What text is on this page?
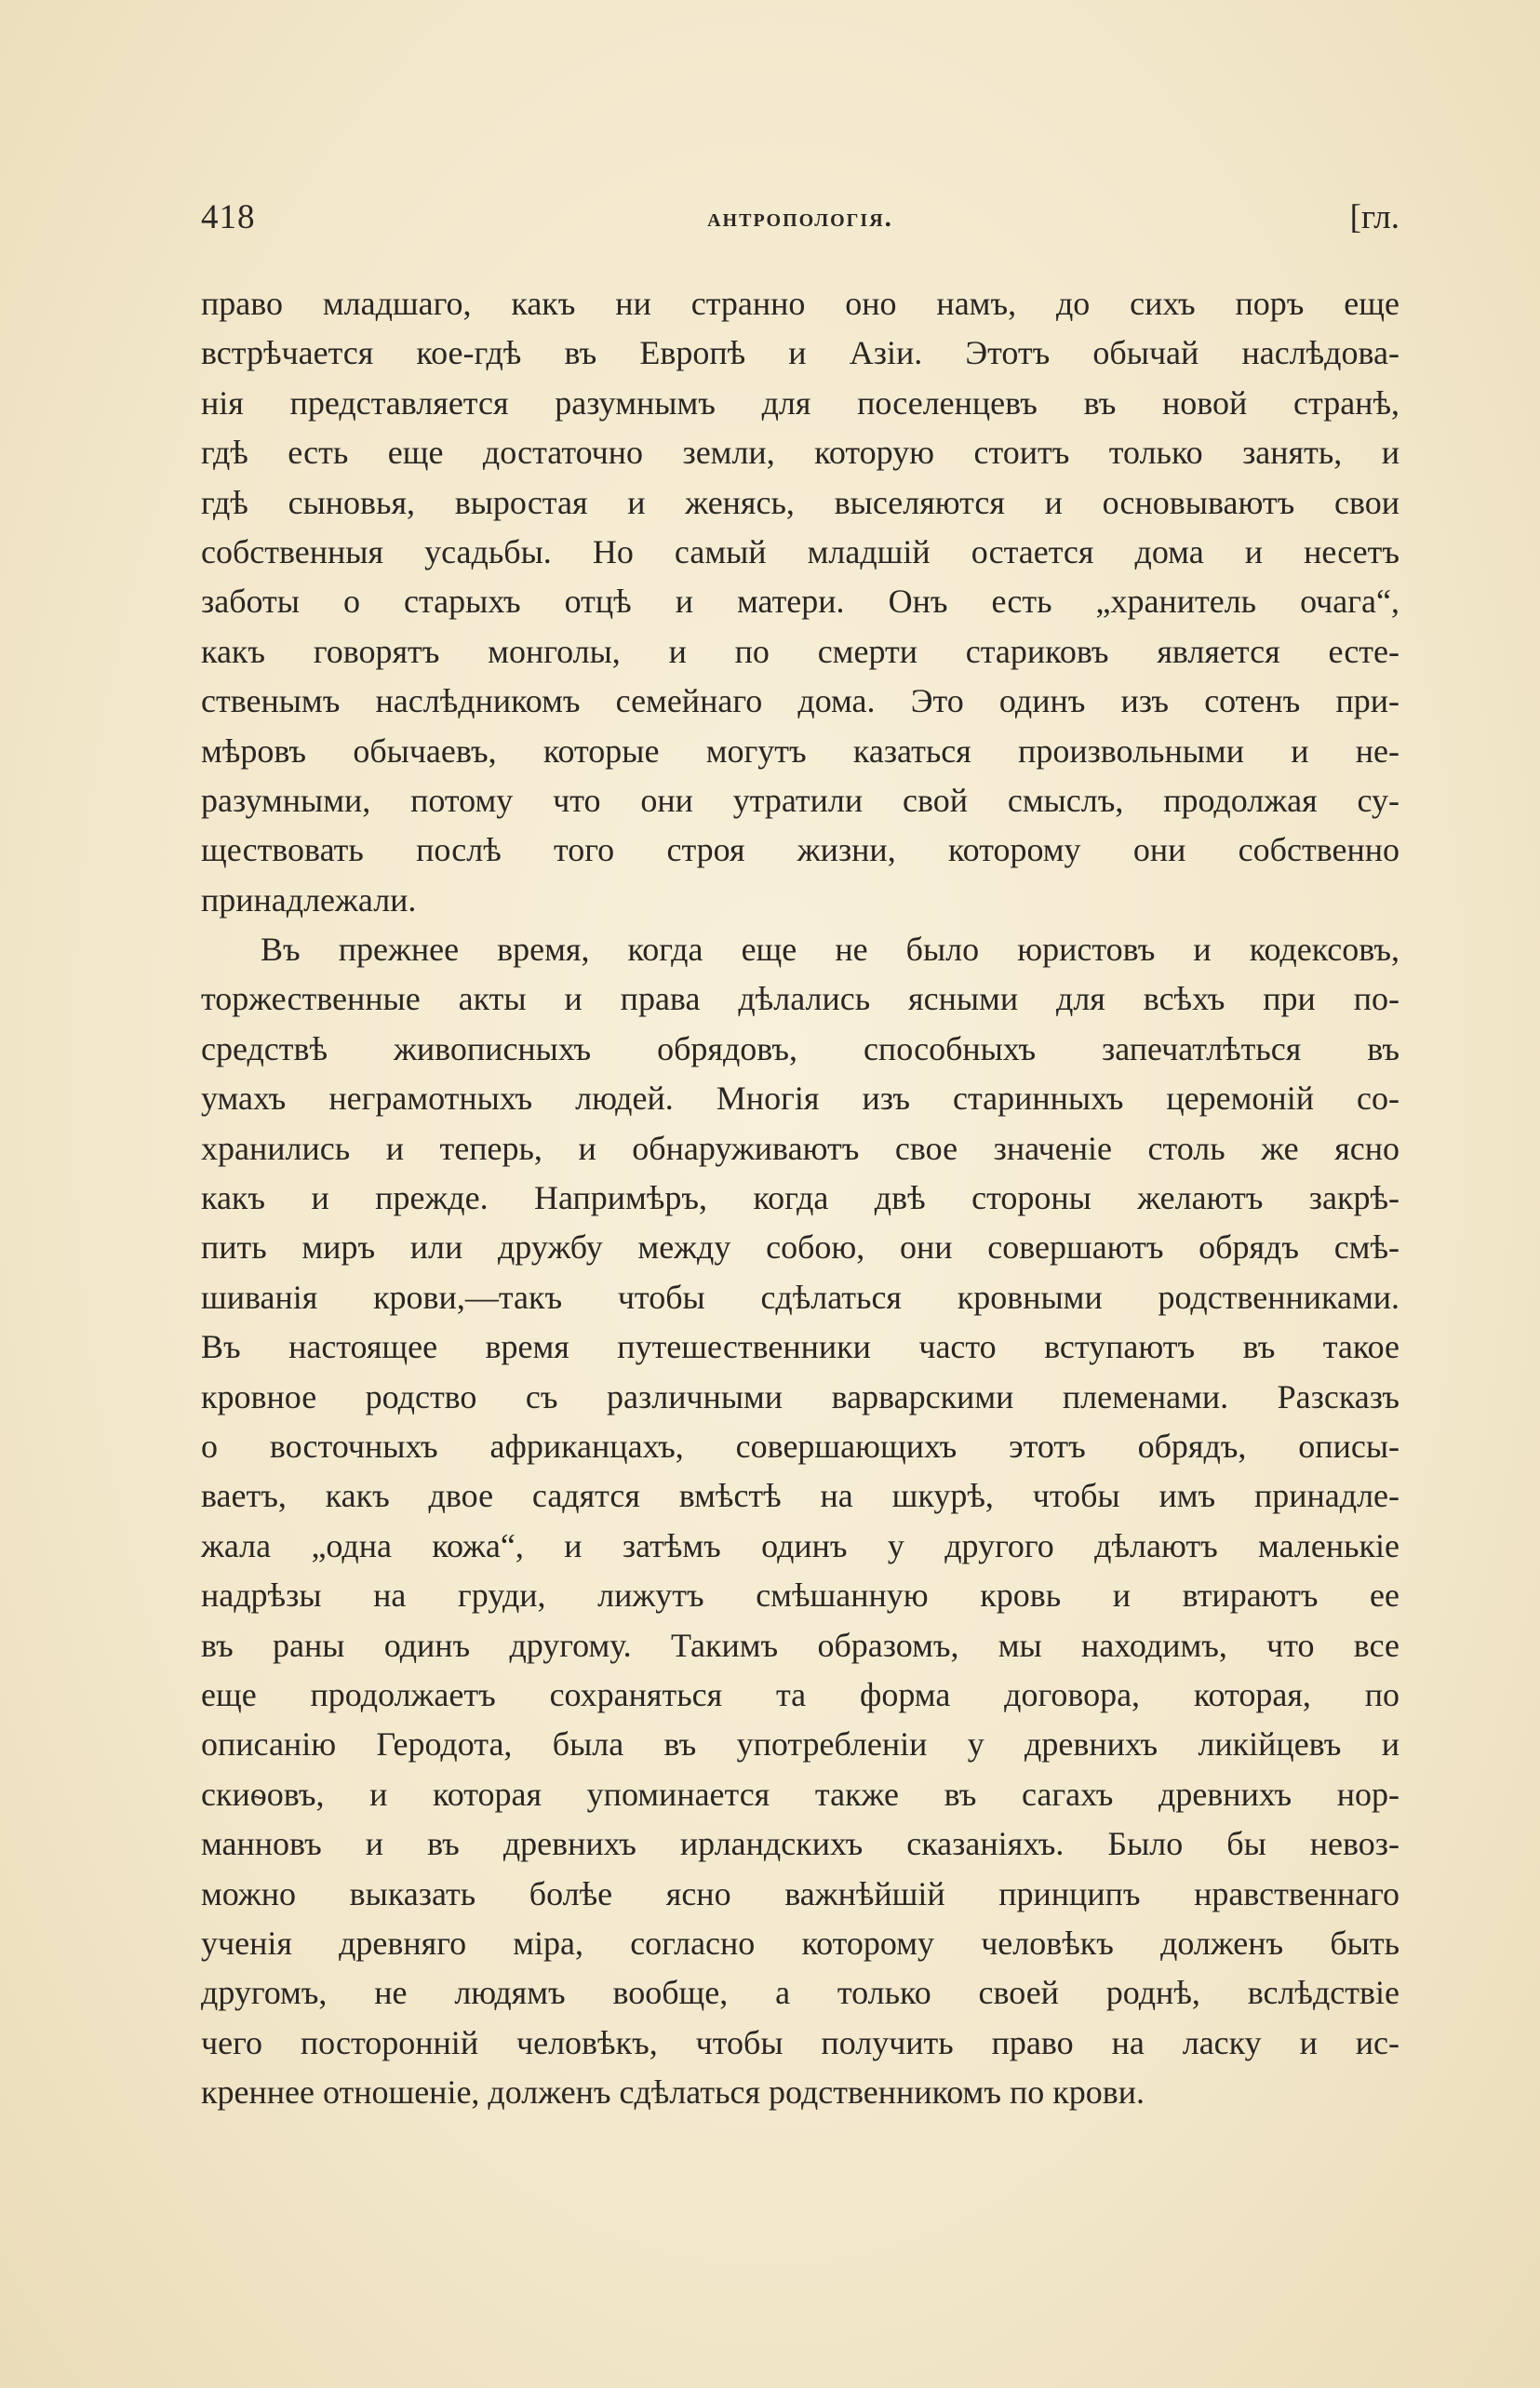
418	антропологія.	[гл.
право младшаго, какъ ни странно оно намъ, до сихъ поръ еще
встрѣчается кое-гдѣ въ Европѣ и Азіи. Этотъ обычай наслѣдова-
нія представляется разумнымъ для поселенцевъ въ новой странѣ,
гдѣ есть еще достаточно земли, которую стоитъ только занять, и
гдѣ сыновья, выростая и женясь, выселяются и основываютъ свои
собственныя усадьбы. Но самый младшій остается дома и несетъ
заботы о старыхъ отцѣ и матери. Онъ есть „хранитель очага“,
какъ говорятъ монголы, и по смерти стариковъ является есте-
ственымъ наслѣдникомъ семейнаго дома. Это одинъ изъ сотенъ при-
мѣровъ обычаевъ, которые могутъ казаться произвольными и не-
разумными, потому что они утратили свой смыслъ, продолжая су-
ществовать послѣ того строя жизни, которому они собственно
принадлежали.
Въ прежнее время, когда еще не было юристовъ и кодексовъ,
торжественные акты и права дѣлались ясными для всѣхъ при по-
средствѣ живописныхъ обрядовъ, способныхъ запечатлѣться въ
умахъ неграмотныхъ людей. Многія изъ старинныхъ церемоній со-
хранились и теперь, и обнаруживаютъ свое значеніе столь же ясно
какъ и прежде. Напримѣръ, когда двѣ стороны желаютъ закрѣ-
пить миръ или дружбу между собою, они совершаютъ обрядъ смѣ-
шиванія крови,—такъ чтобы сдѣлаться кровными родственниками.
Въ настоящее время путешественники часто вступаютъ въ такое
кровное родство съ различными варварскими племенами. Разсказъ
о восточныхъ африканцахъ, совершающихъ этотъ обрядъ, описы-
ваетъ, какъ двое садятся вмѣстѣ на шкурѣ, чтобы имъ принадле-
жала „одна кожа“, и затѣмъ одинъ у другого дѣлаютъ маленькіе
надрѣзы на груди, лижутъ смѣшанную кровь и втираютъ ее
въ раны одинъ другому. Такимъ образомъ, мы находимъ, что все
еще продолжаетъ сохраняться та форма договора, которая, по
описанію Геродота, была въ употребленіи у древнихъ ликійцевъ и
скиѳовъ, и которая упоминается также въ сагахъ древнихъ нор-
манновъ и въ древнихъ ирландскихъ сказаніяхъ. Было бы невоз-
можно выказать болѣе ясно важнѣйшій принципъ нравственнаго
ученія древняго міра, согласно которому человѣкъ долженъ быть
другомъ, не людямъ вообще, а только своей роднѣ, вслѣдствіе
чего посторонній человѣкъ, чтобы получить право на ласку и ис-
креннее отношеніе, долженъ сдѣлаться родственникомъ по крови.
